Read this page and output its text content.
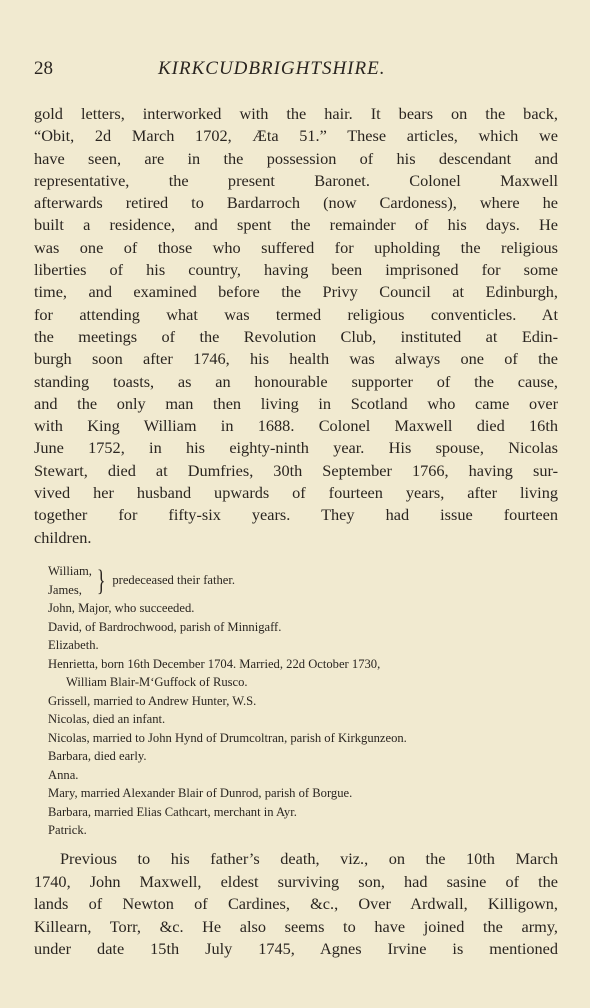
28	KIRKCUDBRIGHTSHIRE.
gold letters, interworked with the hair. It bears on the back,
“Obit, 2d March 1702, Æta 51.” These articles, which we
have seen, are in the possession of his descendant and
representative, the present Baronet. Colonel Maxwell
afterwards retired to Bardarroch (now Cardoness), where he
built a residence, and spent the remainder of his days. He
was one of those who suffered for upholding the religious
liberties of his country, having been imprisoned for some
time, and examined before the Privy Council at Edinburgh,
for attending what was termed religious conventicles. At
the meetings of the Revolution Club, instituted at Edin-
burgh soon after 1746, his health was always one of the
standing toasts, as an honourable supporter of the cause,
and the only man then living in Scotland who came over
with King William in 1688. Colonel Maxwell died 16th
June 1752, in his eighty-ninth year. His spouse, Nicolas
Stewart, died at Dumfries, 30th September 1766, having sur-
vived her husband upwards of fourteen years, after living
together for fifty-six years. They had issue fourteen
children.
William,
James, } predeceased their father.
John, Major, who succeeded.
David, of Bardrochwood, parish of Minnigaff.
Elizabeth.
Henrietta, born 16th December 1704. Married, 22d October 1730,
William Blair-M‘Guffock of Rusco.
Grissell, married to Andrew Hunter, W.S.
Nicolas, died an infant.
Nicolas, married to John Hynd of Drumcoltran, parish of Kirkgunzeon.
Barbara, died early.
Anna.
Mary, married Alexander Blair of Dunrod, parish of Borgue.
Barbara, married Elias Cathcart, merchant in Ayr.
Patrick.
Previous to his father’s death, viz., on the 10th March
1740, John Maxwell, eldest surviving son, had sasine of the
lands of Newton of Cardines, &c., Over Ardwall, Killigown,
Killearn, Torr, &c. He also seems to have joined the army,
under date 15th July 1745, Agnes Irvine is mentioned
